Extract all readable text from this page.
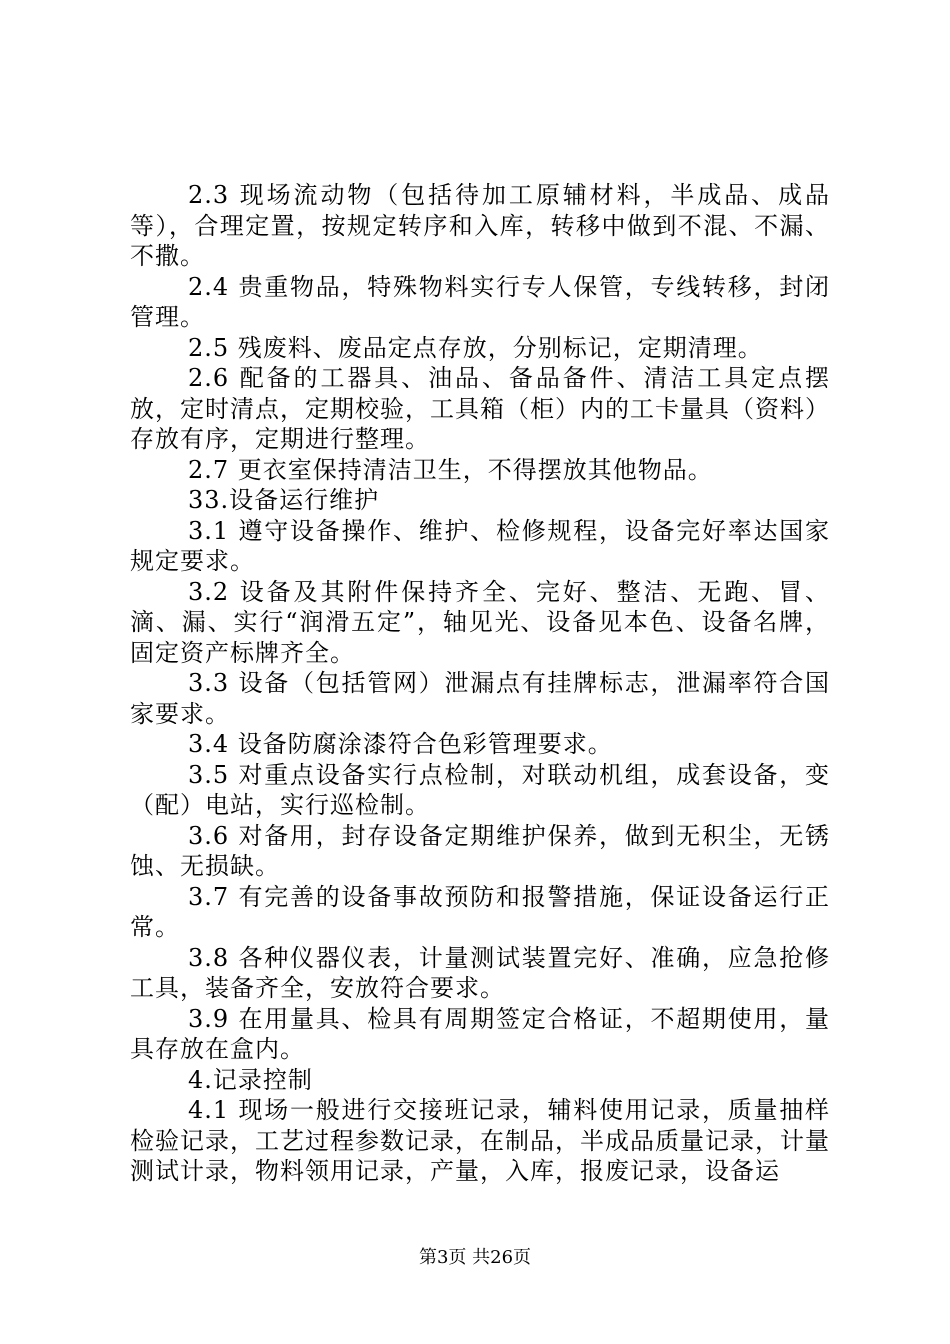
2.3 现场流动物（包括待加工原辅材料，半成品、成品等），合理定置，按规定转序和入库，转移中做到不混、不漏、不撒。

2.4 贵重物品，特殊物料实行专人保管，专线转移，封闭管理。

2.5 残废料、废品定点存放，分别标记，定期清理。

2.6 配备的工器具、油品、备品备件、清洁工具定点摆放，定时清点，定期校验，工具箱（柜）内的工卡量具（资料）存放有序，定期进行整理。

2.7 更衣室保持清洁卫生，不得摆放其他物品。

33.设备运行维护

3.1 遵守设备操作、维护、检修规程，设备完好率达国家规定要求。

3.2 设备及其附件保持齐全、完好、整洁、无跑、冒、滴、漏、实行“润滑五定”，轴见光、设备见本色、设备名牌，固定资产标牌齐全。

3.3 设备（包括管网）泄漏点有挂牌标志，泄漏率符合国家要求。

3.4 设备防腐涂漆符合色彩管理要求。

3.5 对重点设备实行点检制，对联动机组，成套设备，变（配）电站，实行巡检制。

3.6 对备用，封存设备定期维护保养，做到无积尘，无锈蚀、无损缺。

3.7 有完善的设备事故预防和报警措施，保证设备运行正常。

3.8 各种仪器仪表，计量测试装置完好、准确，应急抢修工具，装备齐全，安放符合要求。

3.9 在用量具、检具有周期签定合格证，不超期使用，量具存放在盒内。

4.记录控制

4.1 现场一般进行交接班记录，辅料使用记录，质量抽样检验记录，工艺过程参数记录，在制品，半成品质量记录，计量测试计录，物料领用记录，产量，入库，报废记录，设备运

第3页 共26页
